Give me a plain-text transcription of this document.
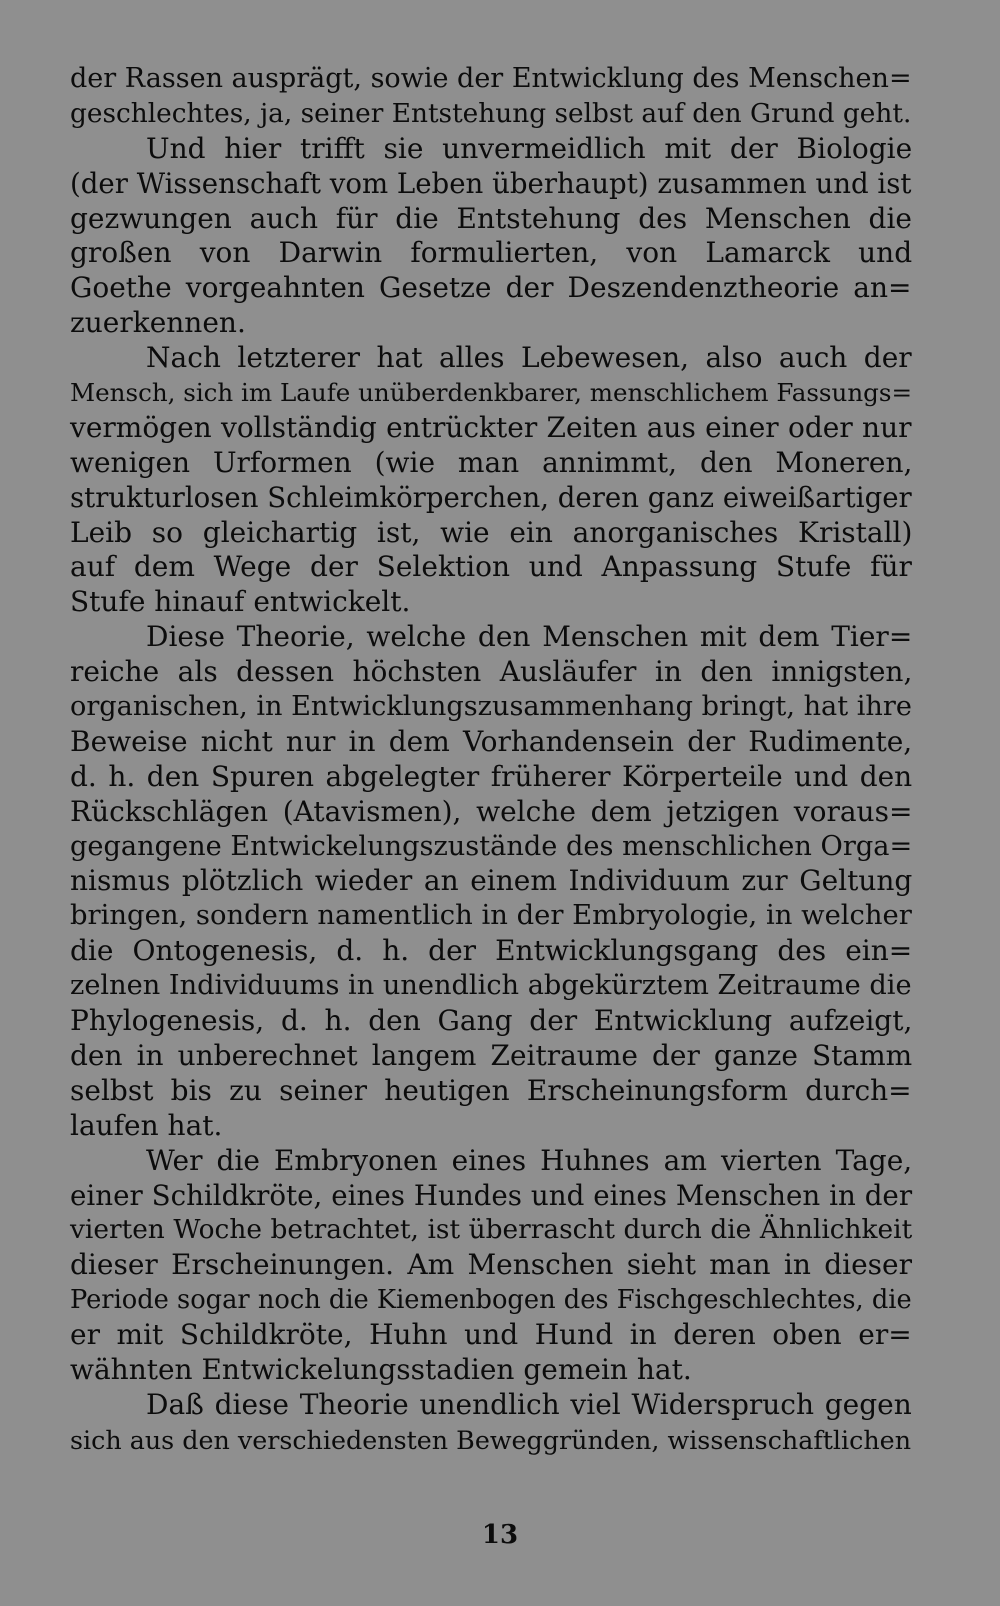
der Rassen ausprägt, sowie der Entwicklung des Menschen=
geschlechtes, ja, seiner Entstehung selbst auf den Grund geht.
Und hier trifft sie unvermeidlich mit der Biologie
(der Wissenschaft vom Leben überhaupt) zusammen und ist
gezwungen auch für die Entstehung des Menschen die
großen von Darwin formulierten, von Lamarck und
Goethe vorgeahnten Gesetze der Deszendenztheorie an=
zuerkennen.
Nach letzterer hat alles Lebewesen, also auch der
Mensch, sich im Laufe unüberdenkbarer, menschlichem Fassungs=
vermögen vollständig entrückter Zeiten aus einer oder nur
wenigen Urformen (wie man annimmt, den Moneren,
strukturlosen Schleimkörperchen, deren ganz eiweißartiger
Leib so gleichartig ist, wie ein anorganisches Kristall)
auf dem Wege der Selektion und Anpassung Stufe für
Stufe hinauf entwickelt.
Diese Theorie, welche den Menschen mit dem Tier=
reiche als dessen höchsten Ausläufer in den innigsten,
organischen, in Entwicklungszusammenhang bringt, hat ihre
Beweise nicht nur in dem Vorhandensein der Rudimente,
d. h. den Spuren abgelegter früherer Körperteile und den
Rückschlägen (Atavismen), welche dem jetzigen voraus=
gegangene Entwickelungszustände des menschlichen Orga=
nismus plötzlich wieder an einem Individuum zur Geltung
bringen, sondern namentlich in der Embryologie, in welcher
die Ontogenesis, d. h. der Entwicklungsgang des ein=
zelnen Individuums in unendlich abgekürztem Zeitraume die
Phylogenesis, d. h. den Gang der Entwicklung aufzeigt,
den in unberechnet langem Zeitraume der ganze Stamm
selbst bis zu seiner heutigen Erscheinungsform durch=
laufen hat.
Wer die Embryonen eines Huhnes am vierten Tage,
einer Schildkröte, eines Hundes und eines Menschen in der
vierten Woche betrachtet, ist überrascht durch die Ähnlichkeit
dieser Erscheinungen. Am Menschen sieht man in dieser
Periode sogar noch die Kiemenbogen des Fischgeschlechtes, die
er mit Schildkröte, Huhn und Hund in deren oben er=
wähnten Entwickelungsstadien gemein hat.
Daß diese Theorie unendlich viel Widerspruch gegen
sich aus den verschiedensten Beweggründen, wissenschaftlichen
13
